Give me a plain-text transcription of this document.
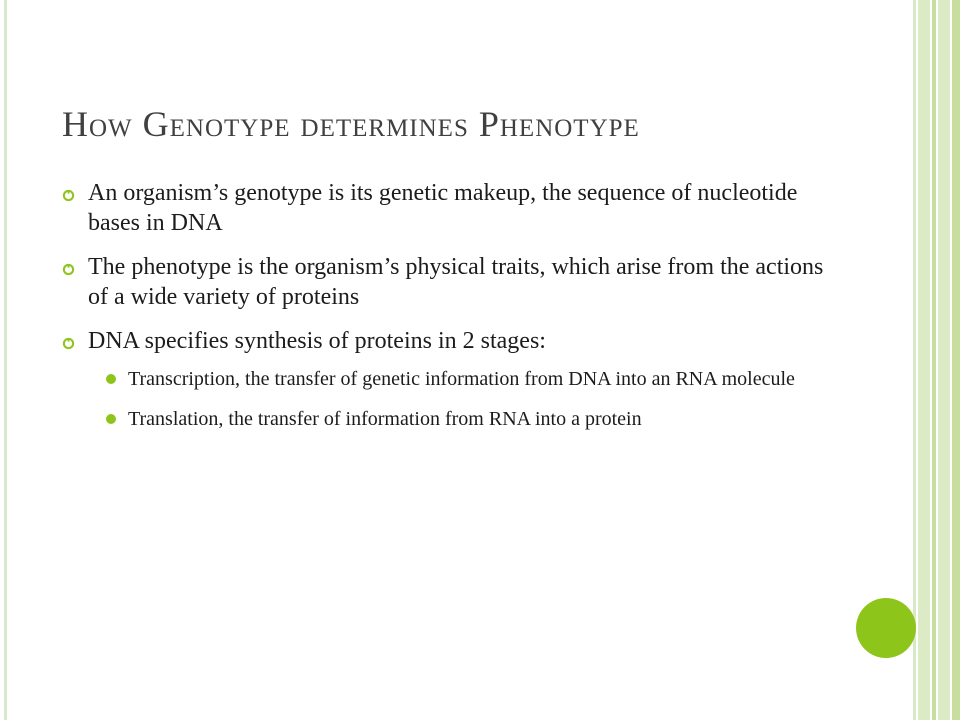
How Genotype determines Phenotype
An organism’s genotype is its genetic makeup, the sequence of nucleotide bases in DNA
The phenotype is the organism’s physical traits, which arise from the actions of a wide variety of proteins
DNA specifies synthesis of proteins in 2 stages:
Transcription, the transfer of genetic information from DNA into an RNA molecule
Translation, the transfer of information from RNA into a protein
